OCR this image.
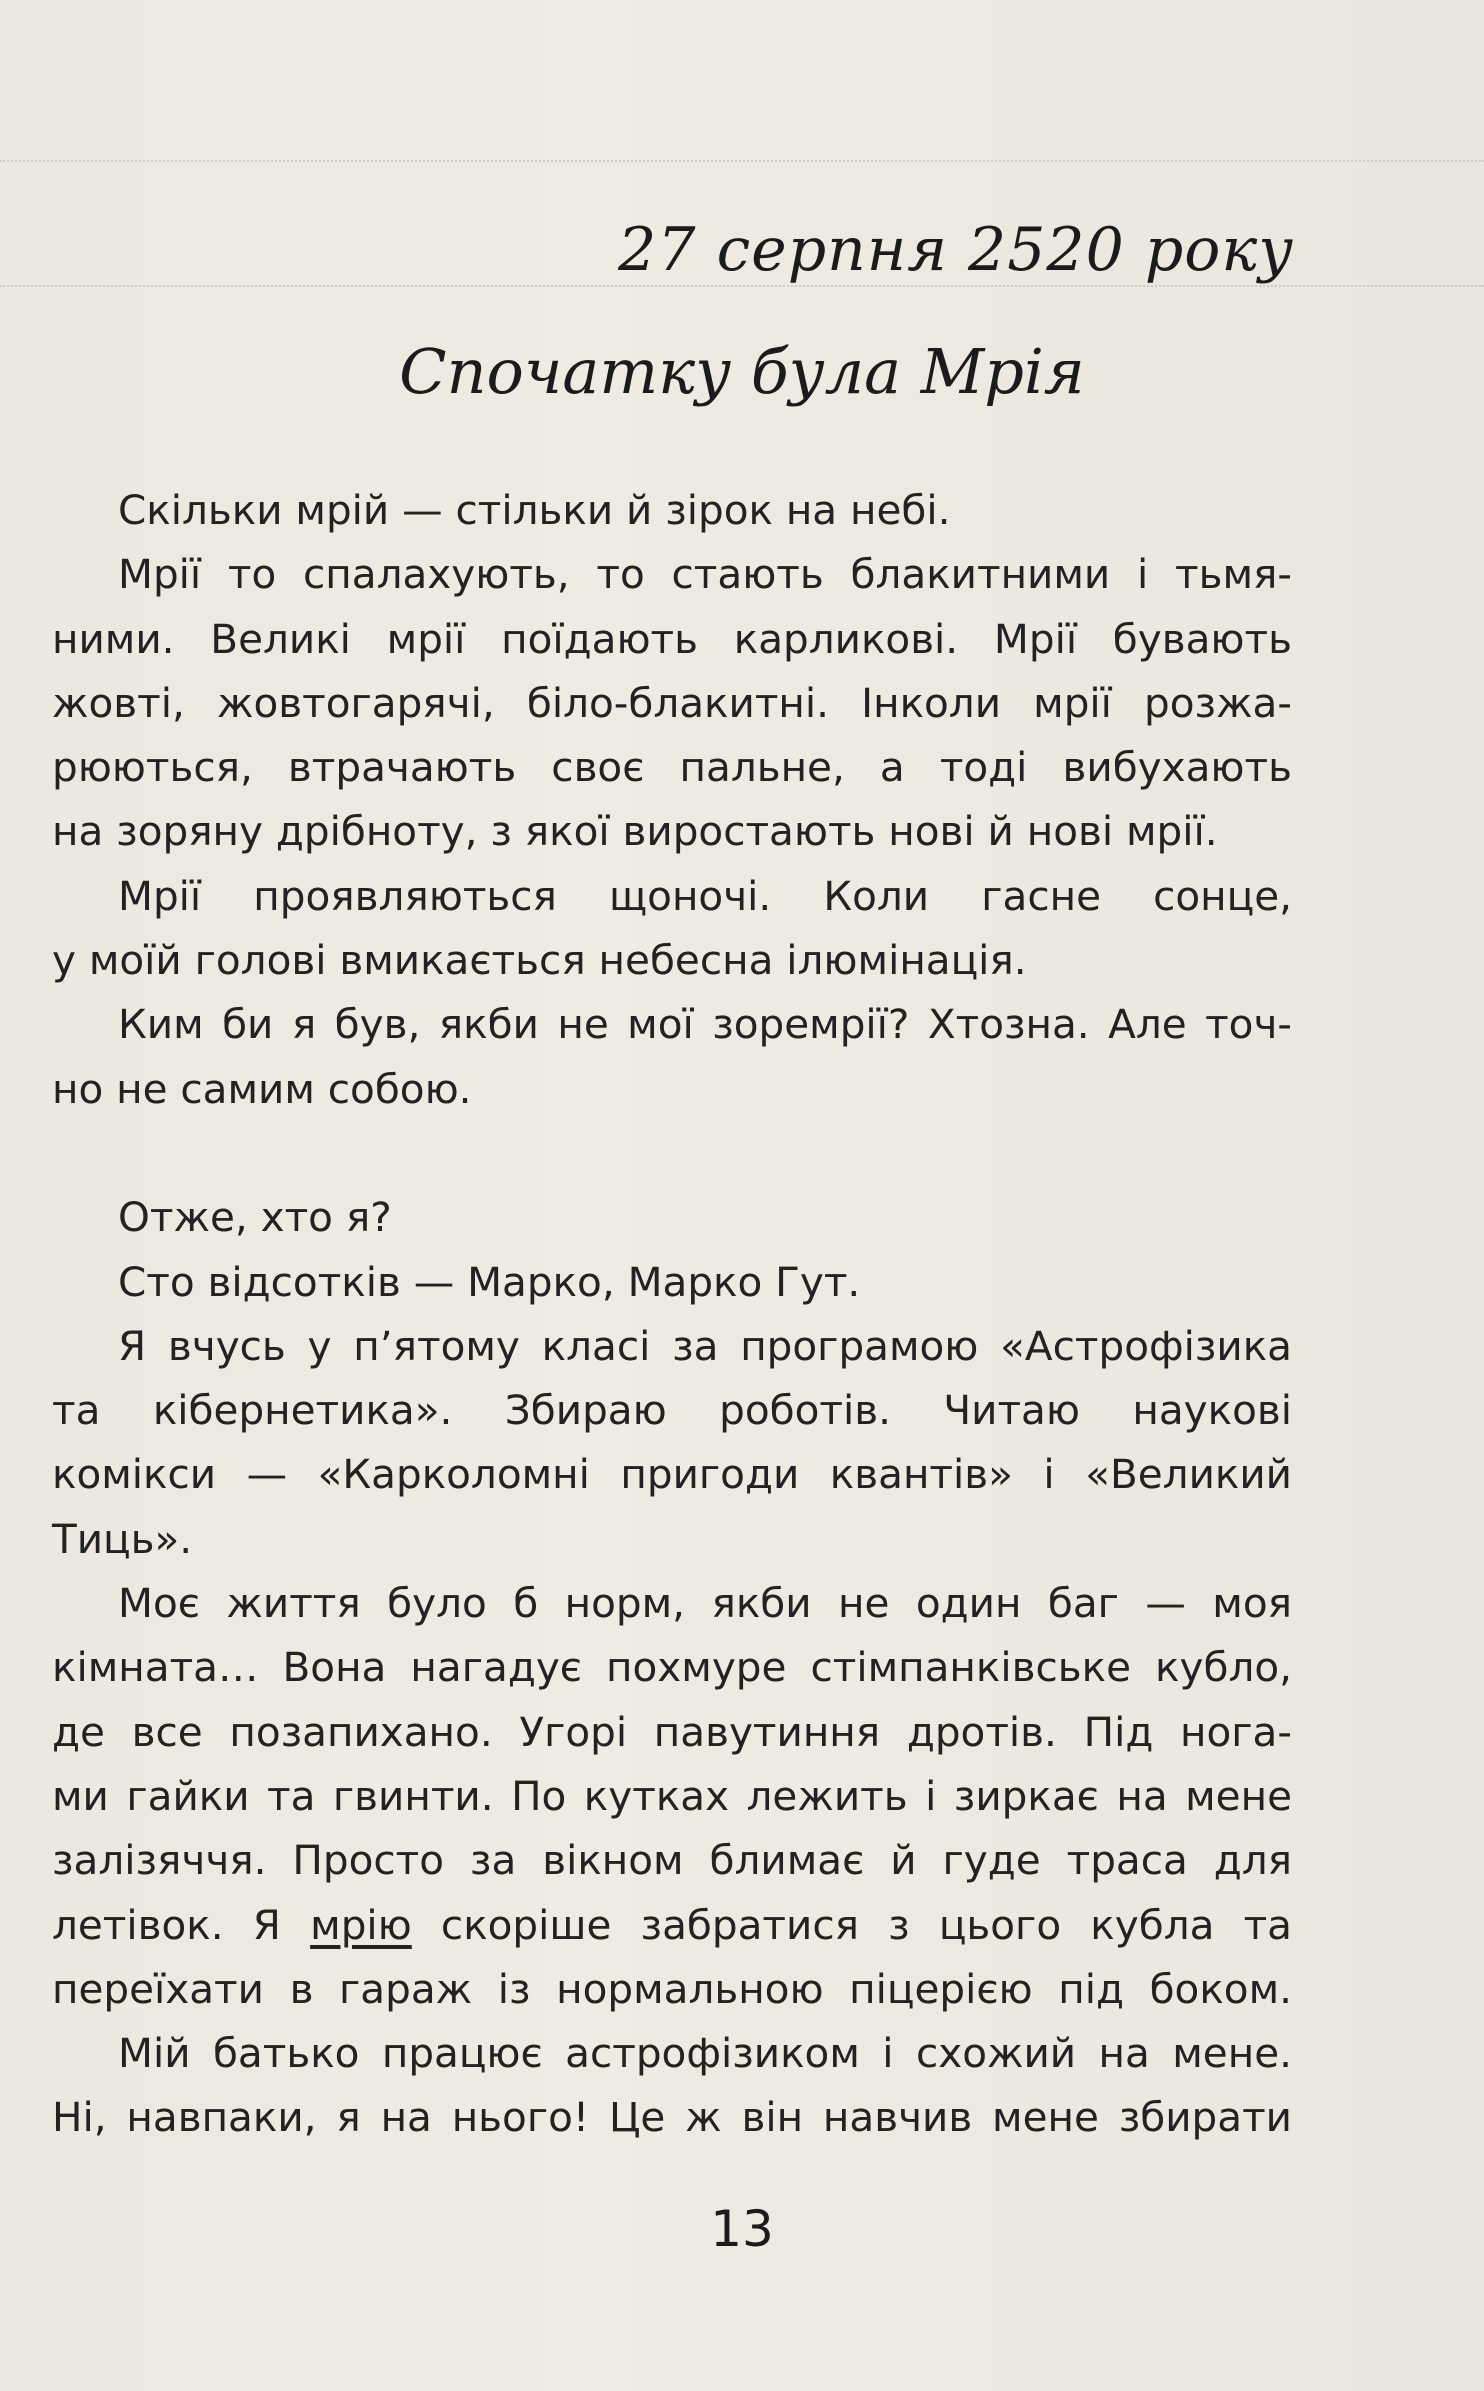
27 серпня 2520 року
Спочатку була Мрія
Скільки мрій — стільки й зірок на небі.
Мрії то спалахують, то стають блакитними і тьмя-
ними. Великі мрії поїдають карликові. Мрії бувають
жовті, жовтогарячі, біло-блакитні. Інколи мрії розжа-
рюються, втрачають своє пальне, а тоді вибухають
на зоряну дрібноту, з якої виростають нові й нові мрії.
Мрії проявляються щоночі. Коли гасне сонце,
у моїй голові вмикається небесна ілюмінація.
Ким би я був, якби не мої зоремрії? Хтозна. Але точ-
но не самим собою.
Отже, хто я?
Сто відсотків — Марко, Марко Гут.
Я вчусь у п’ятому класі за програмою «Астрофізика
та кібернетика». Збираю роботів. Читаю наукові
комікси — «Карколомні пригоди квантів» і «Великий
Тиць».
Моє життя було б норм, якби не один баг — моя
кімната… Вона нагадує похмуре стімпанківське кубло,
де все позапихано. Угорі павутиння дротів. Під нога-
ми гайки та гвинти. По кутках лежить і зиркає на мене
залізяччя. Просто за вікном блимає й гуде траса для
летівок. Я мрію скоріше забратися з цього кубла та
переїхати в гараж із нормальною піцерією під боком.
Мій батько працює астрофізиком і схожий на мене.
Ні, навпаки, я на нього! Це ж він навчив мене збирати
13
